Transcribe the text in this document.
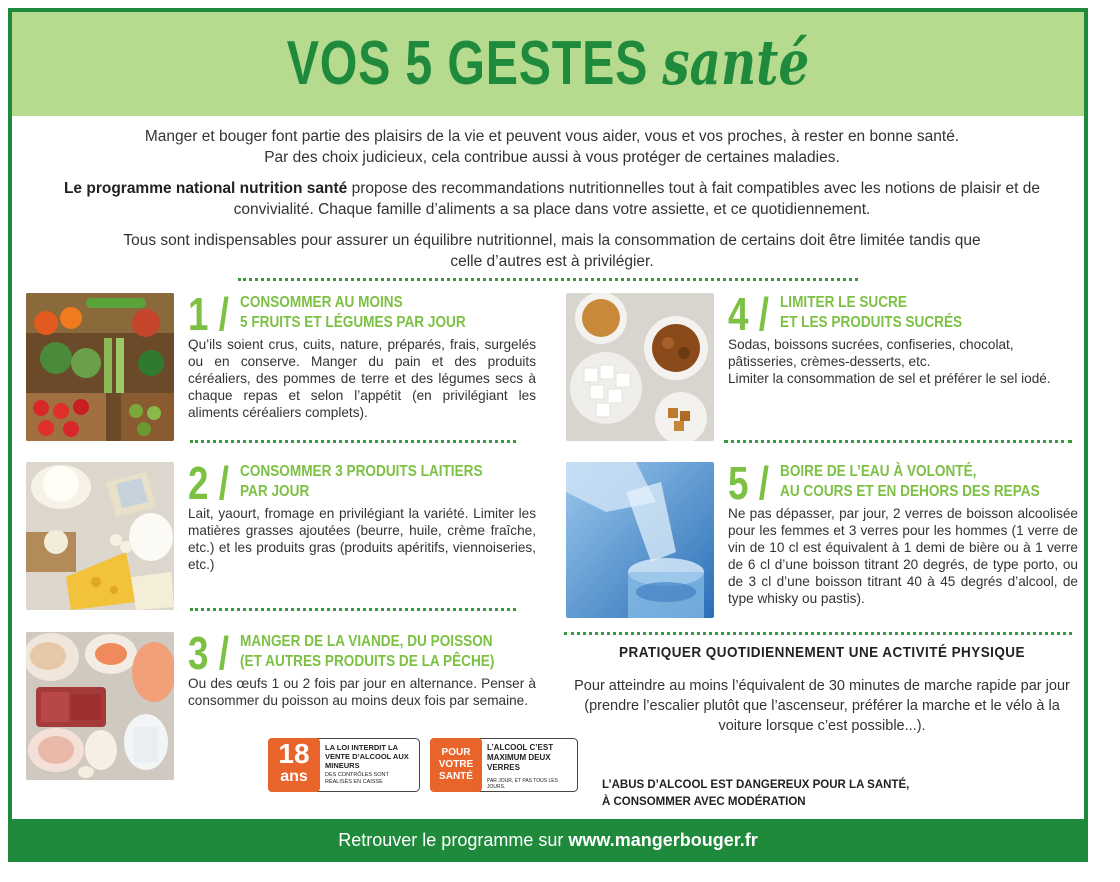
VOS 5 GESTES santé
Manger et bouger font partie des plaisirs de la vie et peuvent vous aider, vous et vos proches, à rester en bonne santé.
Par des choix judicieux, cela contribue aussi à vous protéger de certaines maladies.
Le programme national nutrition santé propose des recommandations nutritionnelles tout à fait compatibles avec les notions de plaisir et de convivialité. Chaque famille d’aliments a sa place dans votre assiette, et ce quotidiennement.
Tous sont indispensables pour assurer un équilibre nutritionnel, mais la consommation de certains doit être limitée tandis que celle d’autres est à privilégier.
1 / CONSOMMER AU MOINS
5 FRUITS ET LÉGUMES PAR JOUR
Qu’ils soient crus, cuits, nature, préparés, frais, surgelés ou en conserve. Manger du pain et des produits céréaliers, des pommes de terre et des légumes secs à chaque repas et selon l’appétit (en privilégiant les aliments céréaliers complets).
2 / CONSOMMER 3 PRODUITS LAITIERS
PAR JOUR
Lait, yaourt, fromage en privilégiant la variété. Limiter les matières grasses ajoutées (beurre, huile, crème fraîche, etc.) et les produits gras (produits apéritifs, viennoiseries, etc.)
3 / MANGER DE LA VIANDE, DU POISSON
(ET AUTRES PRODUITS DE LA PÊCHE)
Ou des œufs 1 ou 2 fois par jour en alternance. Penser à consommer du poisson au moins deux fois par semaine.
4 / LIMITER LE SUCRE
ET LES PRODUITS SUCRÉS
Sodas, boissons sucrées, confiseries, chocolat, pâtisseries, crèmes-desserts, etc.
Limiter la consommation de sel et préférer le sel iodé.
5 / BOIRE DE L’EAU À VOLONTÉ,
AU COURS ET EN DEHORS DES REPAS
Ne pas dépasser, par jour, 2 verres de boisson alcoolisée pour les femmes et 3 verres pour les hommes (1 verre de vin de 10 cl est équivalent à 1 demi de bière ou à 1 verre de 6 cl d’une boisson titrant 20 degrés, de type porto, ou de 3 cl d’une boisson titrant 40 à 45 degrés d’alcool, de type whisky ou pastis).
PRATIQUER QUOTIDIENNEMENT UNE ACTIVITÉ PHYSIQUE
Pour atteindre au moins l’équivalent de 30 minutes de marche rapide par jour (prendre l’escalier plutôt que l’ascenseur, préférer la marche et le vélo à la voiture lorsque c’est possible...).
18
ans
LA LOI INTERDIT LA VENTE D’ALCOOL AUX MINEURS
DES CONTRÔLES SONT RÉALISÉS EN CAISSE
POUR VOTRE SANTÉ
L’ALCOOL C’EST MAXIMUM DEUX VERRES
PAR JOUR, ET PAS TOUS LES JOURS.	L’ABUS D’ALCOOL EST DANGEREUX POUR LA SANTÉ,
À CONSOMMER AVEC MODÉRATION
Retrouver le programme sur www.mangerbouger.fr
